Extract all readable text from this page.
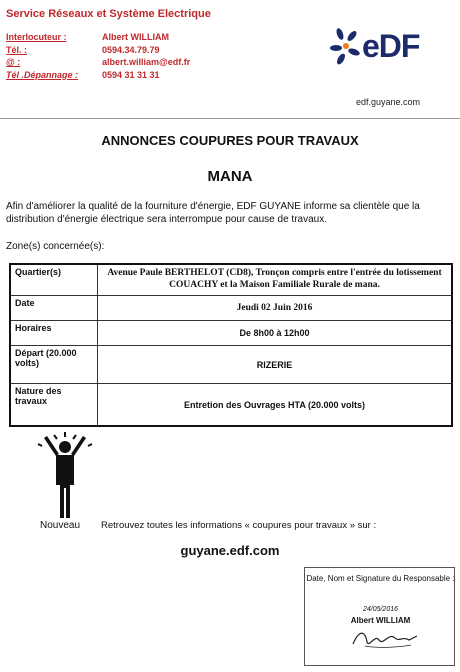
Service Réseaux et Système Electrique
Interlocuteur :	Albert WILLIAM
Tél. :	0594.34.79.79
@ :	albert.william@edf.fr
Tél .Dépannage :	0594 31 31 31
eDF
edf.guyane.com
ANNONCES COUPURES POUR TRAVAUX
MANA
Afin d'améliorer la qualité de la fourniture d'énergie, EDF GUYANE informe sa clientèle que la distribution d'énergie électrique sera interrompue pour cause de travaux.
Zone(s) concernée(s):
Quartier(s)	Avenue Paule BERTHELOT (CD8), Tronçon compris entre l'entrée du lotissement COUACHY et la Maison Familiale Rurale de mana.
Date	Jeudi 02 Juin 2016
Horaires	De 8h00 à 12h00
Départ (20.000 volts)	RIZERIE
Nature des travaux	Entretion des Ouvrages HTA (20.000 volts)
Nouveau Retrouvez toutes les informations « coupures pour travaux » sur :
guyane.edf.com
Date, Nom et Signature du Responsable :
24/05/2016
Albert WILLIAM
